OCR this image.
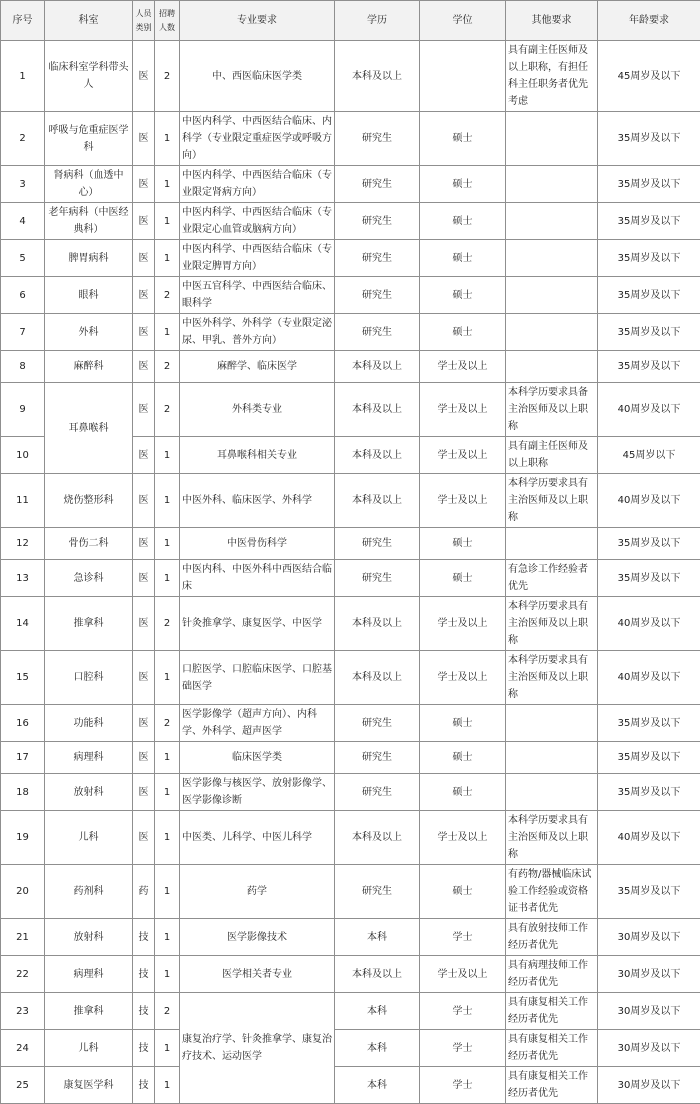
序号	科室	人员类别	招聘人数	专业要求	学历	学位	其他要求	年龄要求
1	临床科室学科带头人	医	2	中、西医临床医学类	本科及以上		具有副主任医师及以上职称，有担任科主任职务者优先考虑	45周岁及以下
2	呼吸与危重症医学科	医	1	中医内科学、中西医结合临床、内科学（专业限定重症医学或呼吸方向）	研究生	硕士		35周岁及以下
3	肾病科（血透中心）	医	1	中医内科学、中西医结合临床（专业限定肾病方向）	研究生	硕士		35周岁及以下
4	老年病科（中医经典科）	医	1	中医内科学、中西医结合临床（专业限定心血管或脑病方向）	研究生	硕士		35周岁及以下
5	脾胃病科	医	1	中医内科学、中西医结合临床（专业限定脾胃方向）	研究生	硕士		35周岁及以下
6	眼科	医	2	中医五官科学、中西医结合临床、眼科学	研究生	硕士		35周岁及以下
7	外科	医	1	中医外科学、外科学（专业限定泌尿、甲乳、普外方向）	研究生	硕士		35周岁及以下
8	麻醉科	医	2	麻醉学、临床医学	本科及以上	学士及以上		35周岁及以下
9	耳鼻喉科	医	2	外科类专业	本科及以上	学士及以上	本科学历要求具备主治医师及以上职称	40周岁及以下
10		医	1	耳鼻喉科相关专业	本科及以上	学士及以上	具有副主任医师及以上职称	45周岁以下
11	烧伤整形科	医	1	中医外科、临床医学、外科学	本科及以上	学士及以上	本科学历要求具有主治医师及以上职称	40周岁及以下
12	骨伤二科	医	1	中医骨伤科学	研究生	硕士		35周岁及以下
13	急诊科	医	1	中医内科、中医外科中西医结合临床	研究生	硕士	有急诊工作经验者优先	35周岁及以下
14	推拿科	医	2	针灸推拿学、康复医学、中医学	本科及以上	学士及以上	本科学历要求具有主治医师及以上职称	40周岁及以下
15	口腔科	医	1	口腔医学、口腔临床医学、口腔基础医学	本科及以上	学士及以上	本科学历要求具有主治医师及以上职称	40周岁及以下
16	功能科	医	2	医学影像学（超声方向）、内科学、外科学、超声医学	研究生	硕士		35周岁及以下
17	病理科	医	1	临床医学类	研究生	硕士		35周岁及以下
18	放射科	医	1	医学影像与核医学、放射影像学、医学影像诊断	研究生	硕士		35周岁及以下
19	儿科	医	1	中医类、儿科学、中医儿科学	本科及以上	学士及以上	本科学历要求具有主治医师及以上职称	40周岁及以下
20	药剂科	药	1	药学	研究生	硕士	有药物/器械临床试验工作经验或资格证书者优先	35周岁及以下
21	放射科	技	1	医学影像技术	本科	学士	具有放射技师工作经历者优先	30周岁及以下
22	病理科	技	1	医学相关者专业	本科及以上	学士及以上	具有病理技师工作经历者优先	30周岁及以下
23	推拿科	技	2	康复治疗学、针灸推拿学、康复治疗技术、运动医学	本科	学士	具有康复相关工作经历者优先	30周岁及以下
24	儿科	技	1		本科	学士	具有康复相关工作经历者优先	30周岁及以下
25	康复医学科	技	1		本科	学士	具有康复相关工作经历者优先	30周岁及以下
